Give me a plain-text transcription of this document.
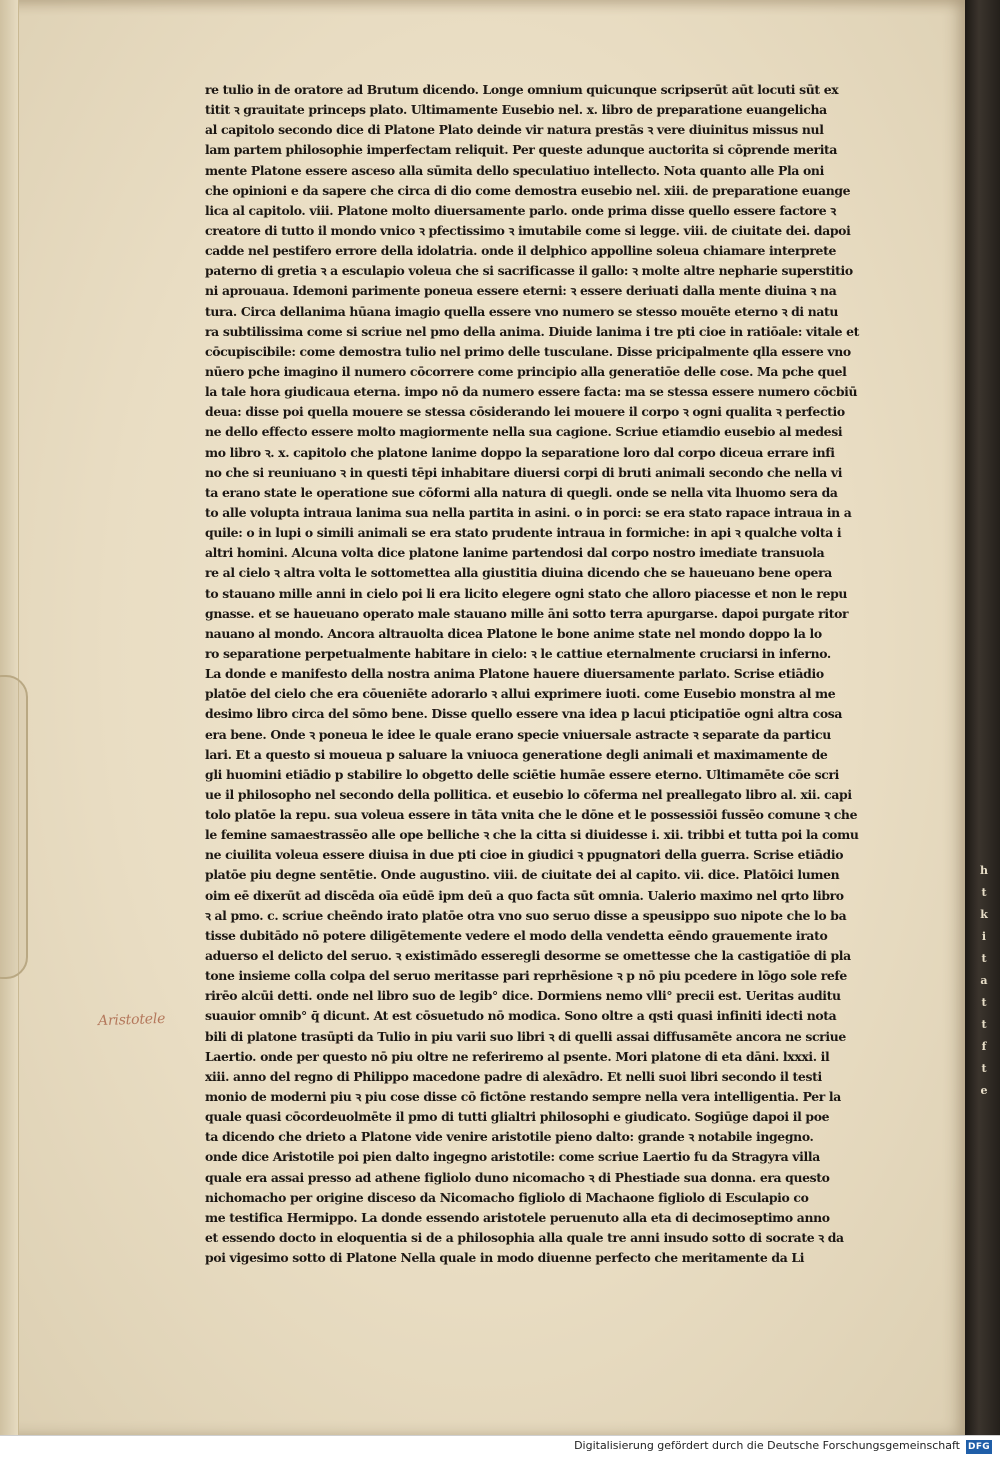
re tulio in de oratore ad Brutum dicendo. Longe omnium quicunque scripserūt aūt locuti sūt ex
titit ꝛ grauitate princeps plato. Ultimamente Eusebio nel. x. libro de preparatione euangelicha
al capitolo secondo dice di Platone Plato deinde vir natura prestās ꝛ vere diuinitus missus nul
lam partem philosophie imperfectam reliquit. Per queste adunque auctorita si cōprende merita
mente Platone essere asceso alla sūmita dello speculatiuo intellecto. Nota quanto alle Pla oni
che opinioni e da sapere che circa di dio come demostra eusebio nel. xiii. de preparatione euange
lica al capitolo. viii. Platone molto diuersamente parlo. onde prima disse quello essere factore ꝛ
creatore di tutto il mondo vnico ꝛ pfectissimo ꝛ imutabile come si legge. viii. de ciuitate dei. dapoi
cadde nel pestifero errore della idolatria. onde il delphico appolline soleua chiamare interprete
paterno di gretia ꝛ a esculapio voleua che si sacrificasse il gallo: ꝛ molte altre nepharie superstitio
ni aprouaua. Idemoni parimente poneua essere eterni: ꝛ essere deriuati dalla mente diuina ꝛ na
tura. Circa dellanima hūana imagio quella essere vno numero se stesso mouēte eterno ꝛ di natu
ra subtilissima come si scriue nel pmo della anima. Diuide lanima i tre pti cioe in ratiōale: vitale et
cōcupiscibile: come demostra tulio nel primo delle tusculane. Disse pricipalmente qlla essere vno
nūero pche imagino il numero cōcorrere come principio alla generatiōe delle cose. Ma pche quel
la tale hora giudicaua eterna. impo nō da numero essere facta: ma se stessa essere numero cōcbiū
deua: disse poi quella mouere se stessa cōsiderando lei mouere il corpo ꝛ ogni qualita ꝛ perfectio
ne dello effecto essere molto magiormente nella sua cagione. Scriue etiamdio eusebio al medesi
mo libro ꝛ. x. capitolo che platone lanime doppo la separatione loro dal corpo diceua errare infi
no che si reuniuano ꝛ in questi tēpi inhabitare diuersi corpi di bruti animali secondo che nella vi
ta erano state le operatione sue cōformi alla natura di quegli. onde se nella vita lhuomo sera da
to alle volupta intraua lanima sua nella partita in asini. o in porci: se era stato rapace intraua in a
quile: o in lupi o simili animali se era stato prudente intraua in formiche: in api ꝛ qualche volta i
altri homini. Alcuna volta dice platone lanime partendosi dal corpo nostro imediate transuola
re al cielo ꝛ altra volta le sottomettea alla giustitia diuina dicendo che se haueuano bene opera
to stauano mille anni in cielo poi li era licito elegere ogni stato che alloro piacesse et non le repu
gnasse. et se haueuano operato male stauano mille āni sotto terra apurgarse. dapoi purgate ritor
nauano al mondo. Ancora altrauolta dicea Platone le bone anime state nel mondo doppo la lo
ro separatione perpetualmente habitare in cielo: ꝛ le cattiue eternalmente cruciarsi in inferno.
La donde e manifesto della nostra anima Platone hauere diuersamente parlato. Scrise etiādio
platōe del cielo che era cōueniēte adorarlo ꝛ allui exprimere iuoti. come Eusebio monstra al me
desimo libro circa del sōmo bene. Disse quello essere vna idea p lacui pticipatiōe ogni altra cosa
era bene. Onde ꝛ poneua le idee le quale erano specie vniuersale astracte ꝛ separate da particu
lari. Et a questo si moueua p saluare la vniuoca generatione degli animali et maximamente de
gli huomini etiādio p stabilire lo obgetto delle sciētie humāe essere eterno. Ultimamēte cōe scri
ue il philosopho nel secondo della pollitica. et eusebio lo cōferma nel preallegato libro al. xii. capi
tolo platōe la repu. sua voleua essere in tāta vnita che le dōne et le possessiōi fussēo comune ꝛ che
le femine samaestrassēo alle ope belliche ꝛ che la citta si diuidesse i. xii. tribbi et tutta poi la comu
ne ciuilita voleua essere diuisa in due pti cioe in giudici ꝛ ppugnatori della guerra. Scrise etiādio
platōe piu degne sentētie. Onde augustino. viii. de ciuitate dei al capito. vii. dice. Platōici lumen
oim eē dixerūt ad discēda oīa eūdē ipm deū a quo facta sūt omnia. Ualerio maximo nel qrto libro
ꝛ al pmo. c. scriue cheēndo irato platōe otra vno suo seruo disse a speusippo suo nipote che lo ba
tisse dubitādo nō potere diligētemente vedere el modo della vendetta eēndo grauemente irato
aduerso el delicto del seruo. ꝛ existimādo esseregli desorme se omettesse che la castigatiōe di pla
tone insieme colla colpa del seruo meritasse pari reprhēsione ꝛ p nō piu pcedere in lōgo sole refe
rirēo alcūi detti. onde nel libro suo de legib° dice. Dormiens nemo vlli° precii est. Ueritas auditu
suauior omnib° q̄ dicunt. At est cōsuetudo nō modica. Sono oltre a qsti quasi infiniti idecti nota
bili di platone trasūpti da Tulio in piu varii suo libri ꝛ di quelli assai diffusamēte ancora ne scriue
Laertio. onde per questo nō piu oltre ne referiremo al psente. Mori platone di eta dāni. lxxxi. il
xiii. anno del regno di Philippo macedone padre di alexādro. Et nelli suoi libri secondo il testi
monio de moderni piu ꝛ piu cose disse cō fictōne restando sempre nella vera intelligentia. Per la
quale quasi cōcordeuolmēte il pmo di tutti glialtri philosophi e giudicato. Sogiūge dapoi il poe
ta dicendo che drieto a Platone vide venire aristotile pieno dalto: grande ꝛ notabile ingegno.
onde dice Aristotile poi pien dalto ingegno aristotile: come scriue Laertio fu da Stragyra villa
quale era assai presso ad athene figliolo duno nicomacho ꝛ di Phestiade sua donna. era questo
nichomacho per origine disceso da Nicomacho figliolo di Machaone figliolo di Esculapio co
me testifica Hermippo. La donde essendo aristotele peruenuto alla eta di decimoseptimo anno
et essendo docto in eloquentia si de a philosophia alla quale tre anni insudo sotto di socrate ꝛ da
poi vigesimo sotto di Platone Nella quale in modo diuenne perfecto che meritamente da Li
Aristotele
h
t
k
i
t
a
t
t
f
t
e
Digitalisierung gefördert durch die Deutsche Forschungsgemeinschaft DFG
